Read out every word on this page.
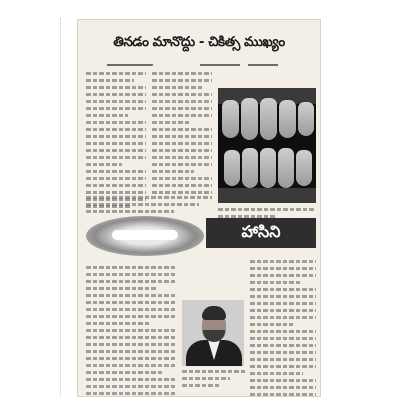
తినడం మానొద్దు - చికిత్స ముఖ్యం
హాసిని
